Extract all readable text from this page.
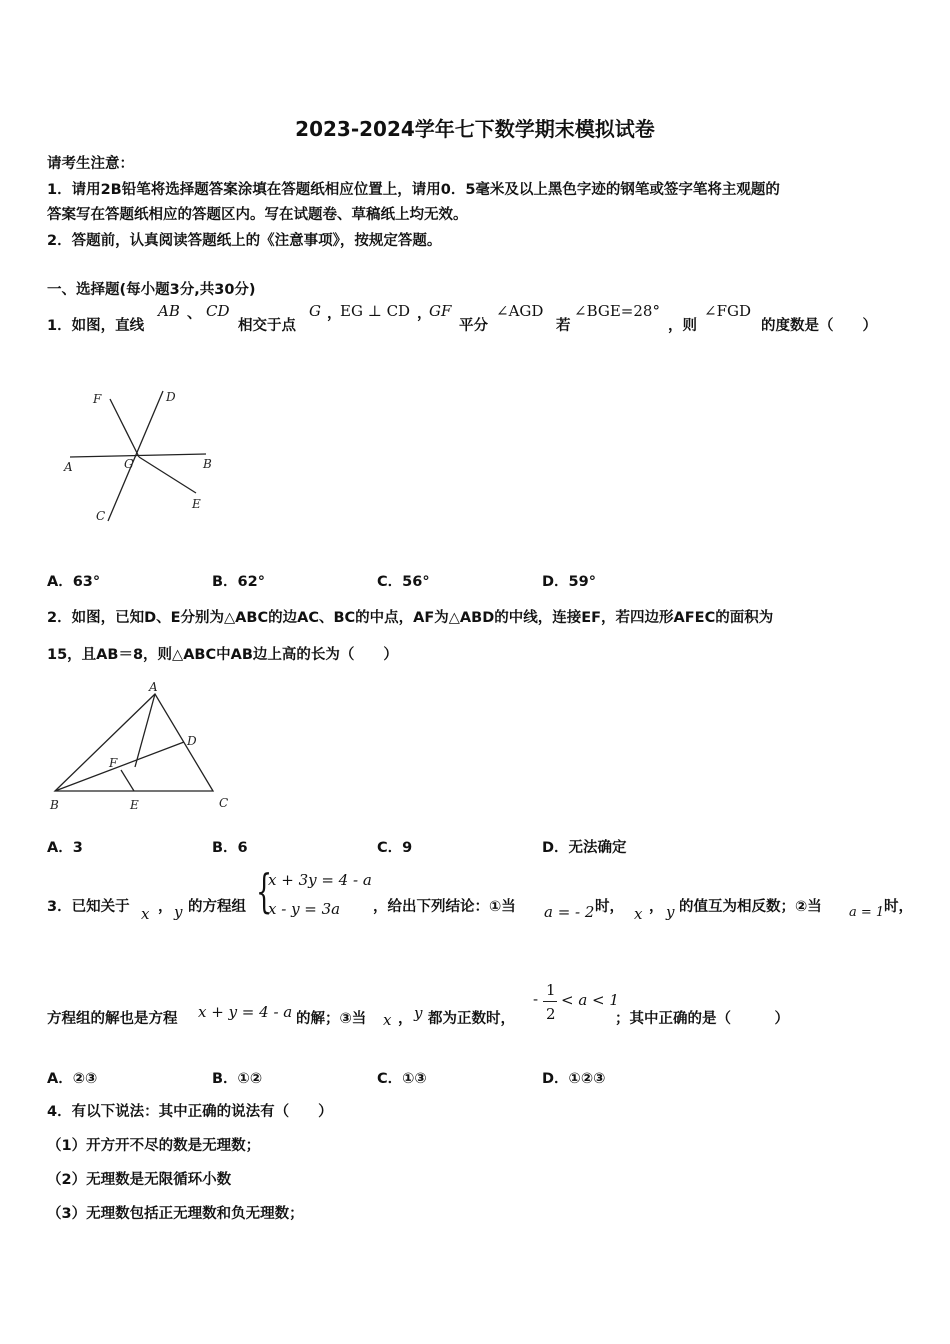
2023-2024学年七下数学期末模拟试卷
请考生注意：
1．请用2B铅笔将选择题答案涂填在答题纸相应位置上，请用0．5毫米及以上黑色字迹的钢笔或签字笔将主观题的
答案写在答题纸相应的答题区内。写在试题卷、草稿纸上均无效。
2．答题前，认真阅读答题纸上的《注意事项》，按规定答题。
一、选择题(每小题3分,共30分)
1．如图，直线
AB 、 CD
相交于点
G ，
EG ⊥ CD ，
GF
平分
∠AGD
若
∠BGE=28°
，则
∠FGD
的度数是（　　）
F	D
A	G	B
C
E
A．63°	B．62°	C．56°	D．59°
2．如图，已知D、E分别为△ABC的边AC、BC的中点，AF为△ABD的中线，连接EF，若四边形AFEC的面积为
15，且AB＝8，则△ABC中AB边上高的长为（　　）
A
D
F
B	E	C
A．3	B．6	C．9	D．无法确定
3．已知关于 x ， y 的方程组 {
x + 3y = 4 - a
x - y = 3a ，给出下列结论：①当 a = - 2 时， x ， y 的值互为相反数；②当 a = 1 时，
方程组的解也是方程 x + y = 4 - a 的解；③当 x ， y 都为正数时，
- 1
2
< a < 1
；其中正确的是（　　　）
A．②③	B．①②	C．①③	D．①②③
4．有以下说法：其中正确的说法有（　　）
（1）开方开不尽的数是无理数；
（2）无理数是无限循环小数
（3）无理数包括正无理数和负无理数；
